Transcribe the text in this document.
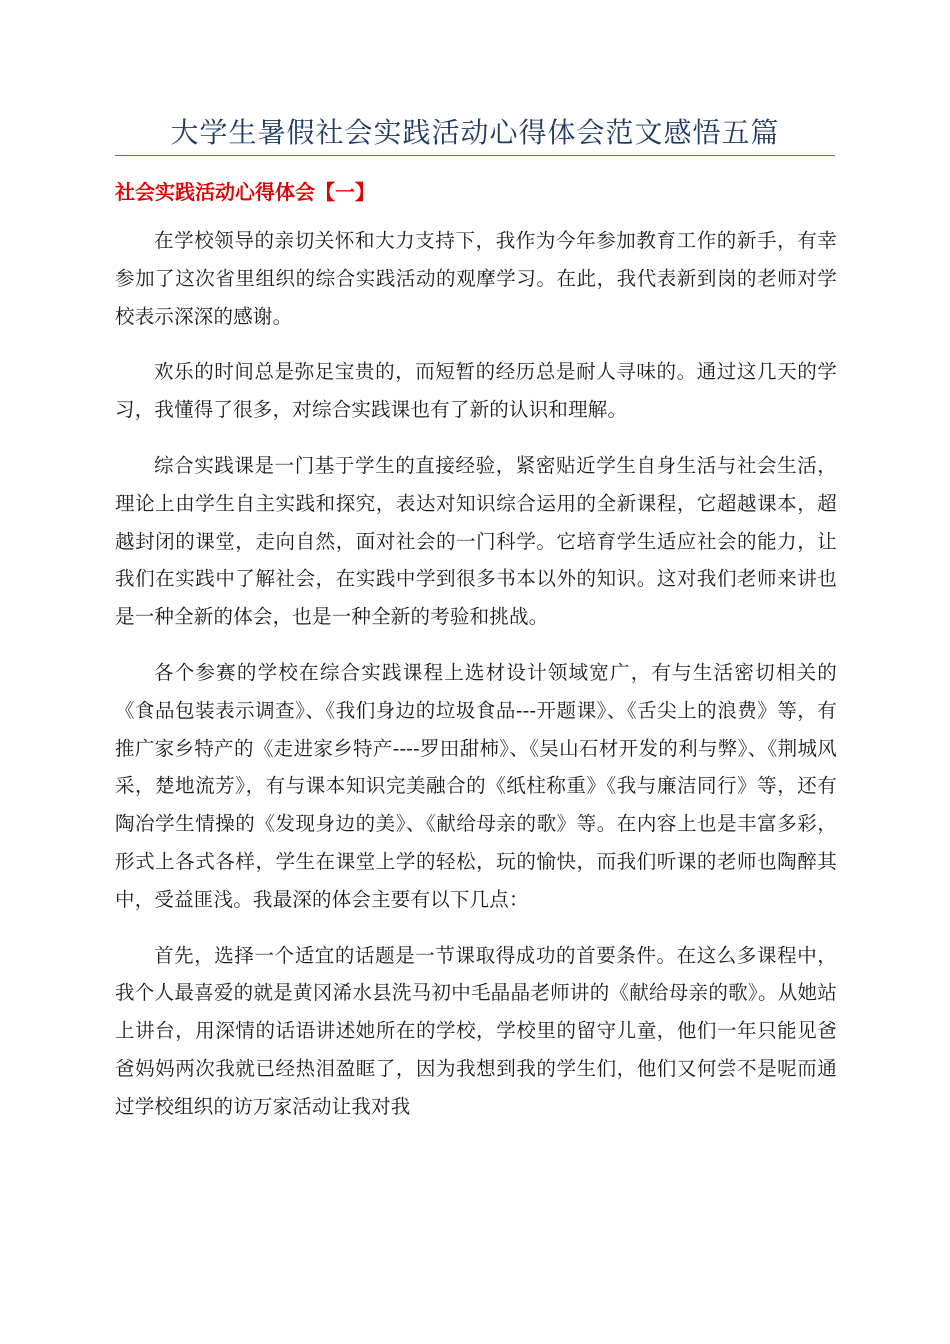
大学生暑假社会实践活动心得体会范文感悟五篇
社会实践活动心得体会【一】

在学校领导的亲切关怀和大力支持下，我作为今年参加教育工作的新手，有幸参加了这次省里组织的综合实践活动的观摩学习。在此，我代表新到岗的老师对学校表示深深的感谢。

欢乐的时间总是弥足宝贵的，而短暂的经历总是耐人寻味的。通过这几天的学习，我懂得了很多，对综合实践课也有了新的认识和理解。

综合实践课是一门基于学生的直接经验，紧密贴近学生自身生活与社会生活，理论上由学生自主实践和探究，表达对知识综合运用的全新课程，它超越课本，超越封闭的课堂，走向自然，面对社会的一门科学。它培育学生适应社会的能力，让我们在实践中了解社会，在实践中学到很多书本以外的知识。这对我们老师来讲也是一种全新的体会，也是一种全新的考验和挑战。

各个参赛的学校在综合实践课程上选材设计领域宽广，有与生活密切相关的《食品包装表示调查》、《我们身边的垃圾食品---开题课》、《舌尖上的浪费》等，有推广家乡特产的《走进家乡特产----罗田甜柿》、《吴山石材开发的利与弊》、《荆城风采，楚地流芳》，有与课本知识完美融合的《纸柱称重》《我与廉洁同行》等，还有陶冶学生情操的《发现身边的美》、《献给母亲的歌》等。在内容上也是丰富多彩，形式上各式各样，学生在课堂上学的轻松，玩的愉快，而我们听课的老师也陶醉其中，受益匪浅。我最深的体会主要有以下几点：

首先，选择一个适宜的话题是一节课取得成功的首要条件。在这么多课程中，我个人最喜爱的就是黄冈浠水县洗马初中毛晶晶老师讲的《献给母亲的歌》。从她站上讲台，用深情的话语讲述她所在的学校，学校里的留守儿童，他们一年只能见爸爸妈妈两次我就已经热泪盈眶了，因为我想到我的学生们，他们又何尝不是呢而通过学校组织的访万家活动让我对我
